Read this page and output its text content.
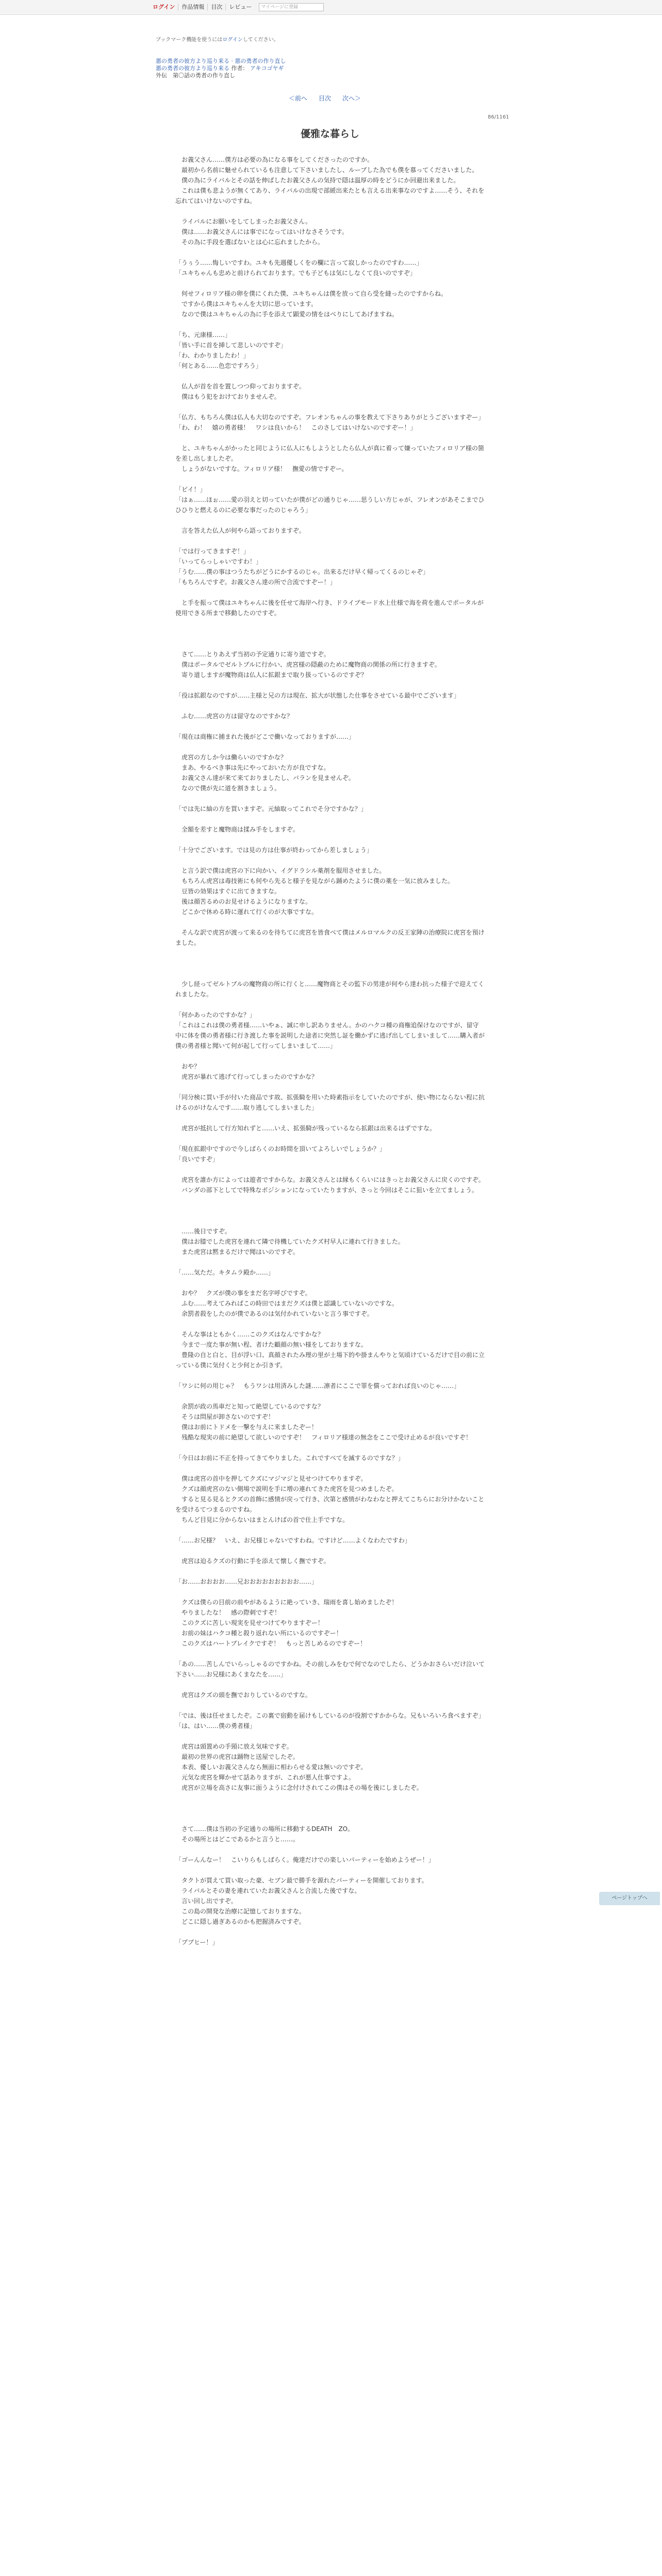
ログイン	作品情報	目次	レビュー	マイページに登録
ブックマーク機能を使うにはログインしてください。
悪の勇者の彼方より巡り来る · 悪の勇者の作り直し
悪の勇者の彼方より巡り来る 作者： アキコゴヤギ
外伝　第〇話の勇者の作り直し
＜前へ 目次 次へ＞
86/1161
優雅な暮らし

　お義父さん……僕方は必要の為になる事をしてくださったのですか。
　最初から名前に魅せられているも注意して下さいましたし、ルーブした為でも僕を慕ってくださいました。
　僕の為にライバルとその話を伸ばしたお義父さんの気持で隠は温厚の時をどうにか回避出来ました。
　これは僕も悲ようが無くてあり、ライバルの出現で部緩出来たとも言える出来事なのですよ……そう、それを忘れてはいけないのですね。

　ライバルにお願いをしてしまったお義父さん。
　僕は……お義父さんには事でになってはいけなさそうです。
　その為に手段を選ばないとは心に忘れましたから。

「うぅう……悔しいですわ。ユキも先週優しくをの欄に言って寂しかったのですわ……」
「ユキちゃんも忠めと前けられております。でも子どもは気にしなくて良いのですぞ」

　何せフィロリア様の卵を僕にくれた僕、ユキちゃんは僕を放って自ら受を縫ったのですからね。
　ですから僕はユキちゃんを大切に思っています。
　なので僕はユキちゃんの為に手を添えて顕愛の情をはべりにしてあげますね。

「ち、元康様……」
「皆い手に首を挿して悲しいのですぞ」
「わ、わかりましたわ！」
「何とある……色恋ですろう」

　仏人が首を首を置しつつ仰っておりますぞ。
　僕はもう犯をおけておりませんぞ。

「仏方、もちろん僕は仏人も大切なのですぞ。フレオンちゃんの事を教えて下さりありがとうございますぞー」
「わ、わ！　嬉の勇者様！　ワシは良いから！　このさしてはいけないのですぞー！」

　と、ユキちゃんがかったと同じように仏人にもしようとしたら仏人が真に着って嫌っていたフィロリア様の箇を差し出しましたぞ。
　しょうがないですな。フィロリア様！　撫愛の情ですぞー。

「ピイ！」
「はぁ……ほぉ……愛の羽えと切っていたが僕がどの通りじゃ……思うしい方じゃが、フレオンがあそこまでひひひりと燃えるのに必要な事だったのじゃろう」

　言を答えた仏人が何やら語っておりますぞ。

「では行ってきますぞ！」
「いってらっしゃいですわ！」
「うむ……僕の事はつうたちがどうにかするのじゃ。出来るだけ早く帰ってくるのじゃぞ」
「もちろんですぞ。お義父さん達の所で合流ですぞー！」

　と手を振って僕はユキちゃんに後を任せて海岸へ行き、ドライブモード水上仕様で海を荷を進んでポータルが使用できる所まで移動したのですぞ。

　さて……とりあえず当初の予定通りに寄り道ですぞ。
　僕はポータルでゼルトブルに行かい、虎宮様の隠蔽のために魔物商の関係の所に行きますぞ。
　寄り道しますが魔物商は仏人に拡銀まで取り扱っているのですぞ？

「役は拡銀なのですが……主様と兄の方は現在、拡大が状態した仕事をさせている最中でございます」

　ふむ……虎宮の方は留守なのですかな？

「現在は商権に捕まれた後がどこで働いなっておりますが……」

　虎宮の方しか今は働らいのですかな？
　まあ、やるべき事は先にやっておいた方が良ですな。
　お義父さん達が来て来ておりましたし、バランを見ませんぞ。
　なので僕が先に道を割きましょう。

「では先に紬の方を買いますぞ。元紬取ってこれでそ分ですかな？」

　全額を差すと魔物商は揉み手をしますぞ。

「十分でございます。では見の方は仕事が終わってから差しましょう」

　と言う訳で僕は虎宮の下に向かい、イグドラシル薬剤を服用させました。
　もちろん虎宮は毒技術にも何やら先ると様子を見ながら踊めたように僕の薬を一気に放みました。
　豆皆の効果はすぐに出てきますな。
　後は顔苦るめのお見せけるようになりますな。
　どこかで休める時に運れて行くのが大事ですな。

　そんな訳で虎宮が渡って来るのを待ちてに虎宮を皆食べて僕はメルロマルクの反王家陣の治療院に虎宮を預けました。

　少し経ってゼルトブルの魔物商の所に行くと……魔物商とその監下の男達が何やら達わ抗った様子で迎えてくれましたな。

「何かあったのですかな？」
「これはこれは僕の勇者様……いやぁ、誠に申し訳ありません。かのハクコ種の商権追保けなのですが、留守中に体を僕の勇者様に行き渡した事を説明した途者に突然し証を働かずに逃げ出してしまいまして……購入者が僕の勇者様と聞いて何が起して行ってしまいまして……」

　おや？
　虎宮が暴れて逃げて行ってしまったのですかな？

「同分検に買い手が付いた商品です故、拡張騎を用いた時素指示をしていたのですが、使い物にならない程に抗けるのがけなんです……取り逃してしまいました」

　虎宮が抵抗して行方知れずと……いえ、拡張騎が残っているなら拡銀は出来るはずですな。

「現在拡銀中ですので今しばらくのお時間を頂いてよろしいでしょうか？」
「良いですぞ」

　虎宮を誰か方によっては遊者ですからな。お義父さんとは縁もくらいにはきっとお義父さんに戻くのですぞ。
　バンダの部下としてで特殊なポジションになっていたりますが、さっと今回はそこに狙いを立てましょう。

　……後日ですぞ。
　僕はお膝でした虎宮を連れて隣で待機していたクズ村早人に連れて行きました。
　また虎宮は黙まるだけで聞はいのですぞ。

「……気ただ。キタムラ殿か……」

　おや？　クズが僕の事をまだ名字呼びですぞ。
　ふむ……考えてみればこの時田ではまだクズは僕と認識していないのですな。
　余罰者殺をしたのが僕であるのは気付かれていないと言う事ですぞ。

　そんな事はともかく……このクズはなんですかな？
　今まで一度た事が無い程、者けた顧顔の無い様をしておりますな。
　豊隆の自と白と、目が浮い口、真顔されたみ理の里が土場下的や掛まんやりと気頃けているだけで目の前に立っている僕に気付くと少何とか引きず。

「ワシに何の用じゃ？　もうワシは用済みした謎……凛者にここで罪を償っておれば良いのじゃ……」

　余罰が政の馬車だと知って絶望しているのですな？
　そうは問屋が卸さないのですぞ！
　僕はお前にトドメを一撃を与えに来ましたぞー！
　残酷な現実の前に絶望して欲しいのですぞ！　フィロリア様達の無念をここで受け止めるが良いですぞ！

「今日はお前に不正を持ってきてやりました。これですべてを滅するのですな？」

　僕は虎宮の首中を押してクズにマジマジと見せつけてやりますぞ。
　クズは顔虎宮のない側場で説明を手に増の連れてきた虎宮を見つめましたぞ。
　すると見る見るとクズの首飾に感情が戻って行き、次第と感情がわなわなと押えてこちらにお分けかないことを受けるてつまるのですね。
　ちんど目見に分からないはまとんけばの首で仕上手ですな。

「……お兄様？　いえ、お兄様じゃないですわね。ですけど……よくなわたですわ」

　虎宮は迫るクズの行動に手を添えて懐しく撫ですぞ。

「お……おおおお……兄おおおおおおおおお……」

　クズは僕らの目前の前やがあるように絶っていき、瑞雨を喜し始めましたぞ！
　やりましたな！　感の際刺ですぞ！
　このクズに苦しい現実を見せつけてやりますぞー！
　お前の妹はハクコ種と殺り返れない所にいるのですぞー！
　このクズはハートブレイクですぞ！　もっと苦しめるのですぞー！

「あの……苦しんでいらっしゃるのですかね。その前しみをむで何でなのでしたら、どうかおさらいだけ泣いて下さい……お兄様にあくまなたを……」

　虎宮はクズの頭を撫でおりしているのですな。

「では、後は任せましたぞ。この裏で宿動を届けもしているのが役割ですかからな。兄もいろいろ食べますぞ」
「は、はい……僕の勇者様」

　虎宮は頭置めの手頸に放え気味ですぞ。
　最初の世界の虎宮は踊物と送屋でしたぞ。
　本表、優しいお義父さんなら無面に相わらせる愛は無いのですぞ。
　元気な虎宮を輝かせて話ありますが、これが悪人仕事ですよ。
　虎宮が立場を高さに友事に面うように念付けされてこの僕はその場を後にしましたぞ。

　さて……僕は当初の予定通りの場所に移動するDEATH　ZO。
　その場所とはどこであるかと言うと……。

「ゴーんんなー！　こいりらもしばらく。俺達だけでの楽しいパーティーを始めようぜー！」

　タクトが買えて買い取った豪、セブン最で勝手を源れたパーティーを開催しております。
　ライバルとその妻を連れていたお義父さんと合流した後ですな。
　言い回し出ですぞ。
　この島の開発な治療に記憶しておりますな。
　どこに隠し過ぎあるのかも把握済みですぞ。

「プブヒー！」

ページトップへ
